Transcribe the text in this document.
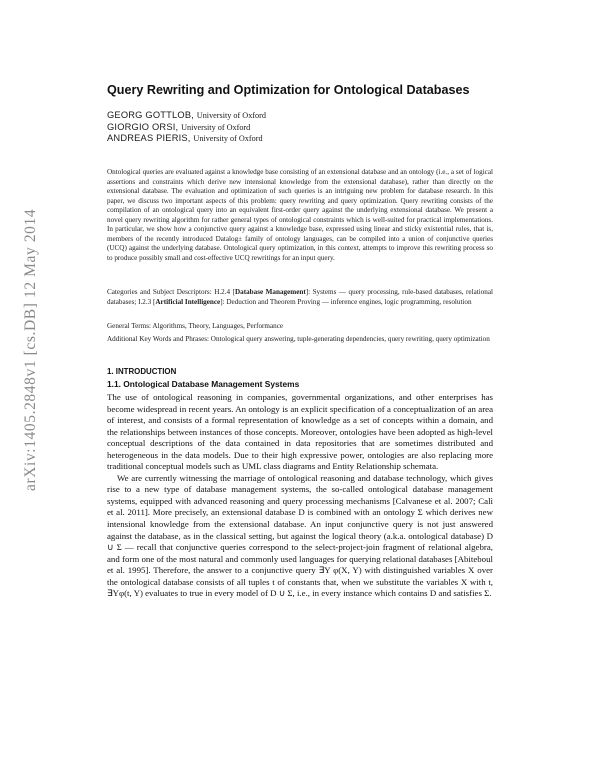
arXiv:1405.2848v1 [cs.DB] 12 May 2014
Query Rewriting and Optimization for Ontological Databases
GEORG GOTTLOB, University of Oxford
GIORGIO ORSI, University of Oxford
ANDREAS PIERIS, University of Oxford

Ontological queries are evaluated against a knowledge base consisting of an extensional database and an ontology (i.e., a set of logical assertions and constraints which derive new intensional knowledge from the extensional database), rather than directly on the extensional database. The evaluation and optimization of such queries is an intriguing new problem for database research. In this paper, we discuss two important aspects of this problem: query rewriting and query optimization. Query rewriting consists of the compilation of an ontological query into an equivalent first-order query against the underlying extensional database. We present a novel query rewriting algorithm for rather general types of ontological constraints which is well-suited for practical implementations. In particular, we show how a conjunctive query against a knowledge base, expressed using linear and sticky existential rules, that is, members of the recently introduced Datalog± family of ontology languages, can be compiled into a union of conjunctive queries (UCQ) against the underlying database. Ontological query optimization, in this context, attempts to improve this rewriting process so to produce possibly small and cost-effective UCQ rewritings for an input query.

Categories and Subject Descriptors: H.2.4 [Database Management]: Systems — query processing, rule-based databases, relational databases; I.2.3 [Artificial Intelligence]: Deduction and Theorem Proving — inference engines, logic programming, resolution

General Terms: Algorithms, Theory, Languages, Performance

Additional Key Words and Phrases: Ontological query answering, tuple-generating dependencies, query rewriting, query optimization

1. INTRODUCTION
1.1. Ontological Database Management Systems

The use of ontological reasoning in companies, governmental organizations, and other enterprises has become widespread in recent years. An ontology is an explicit specification of a conceptualization of an area of interest, and consists of a formal representation of knowledge as a set of concepts within a domain, and the relationships between instances of those concepts. Moreover, ontologies have been adopted as high-level conceptual descriptions of the data contained in data repositories that are sometimes distributed and heterogeneous in the data models. Due to their high expressive power, ontologies are also replacing more traditional conceptual models such as UML class diagrams and Entity Relationship schemata.

We are currently witnessing the marriage of ontological reasoning and database technology, which gives rise to a new type of database management systems, the so-called ontological database management systems, equipped with advanced reasoning and query processing mechanisms [Calvanese et al. 2007; Calì et al. 2011]. More precisely, an extensional database D is combined with an ontology Σ which derives new intensional knowledge from the extensional database. An input conjunctive query is not just answered against the database, as in the classical setting, but against the logical theory (a.k.a. ontological database) D ∪ Σ — recall that conjunctive queries correspond to the select-project-join fragment of relational algebra, and form one of the most natural and commonly used languages for querying relational databases [Abiteboul et al. 1995]. Therefore, the answer to a conjunctive query ∃Y φ(X, Y) with distinguished variables X over the ontological database consists of all tuples t of constants that, when we substitute the variables X with t, ∃Yφ(t, Y) evaluates to true in every model of D ∪ Σ, i.e., in every instance which contains D and satisfies Σ.
